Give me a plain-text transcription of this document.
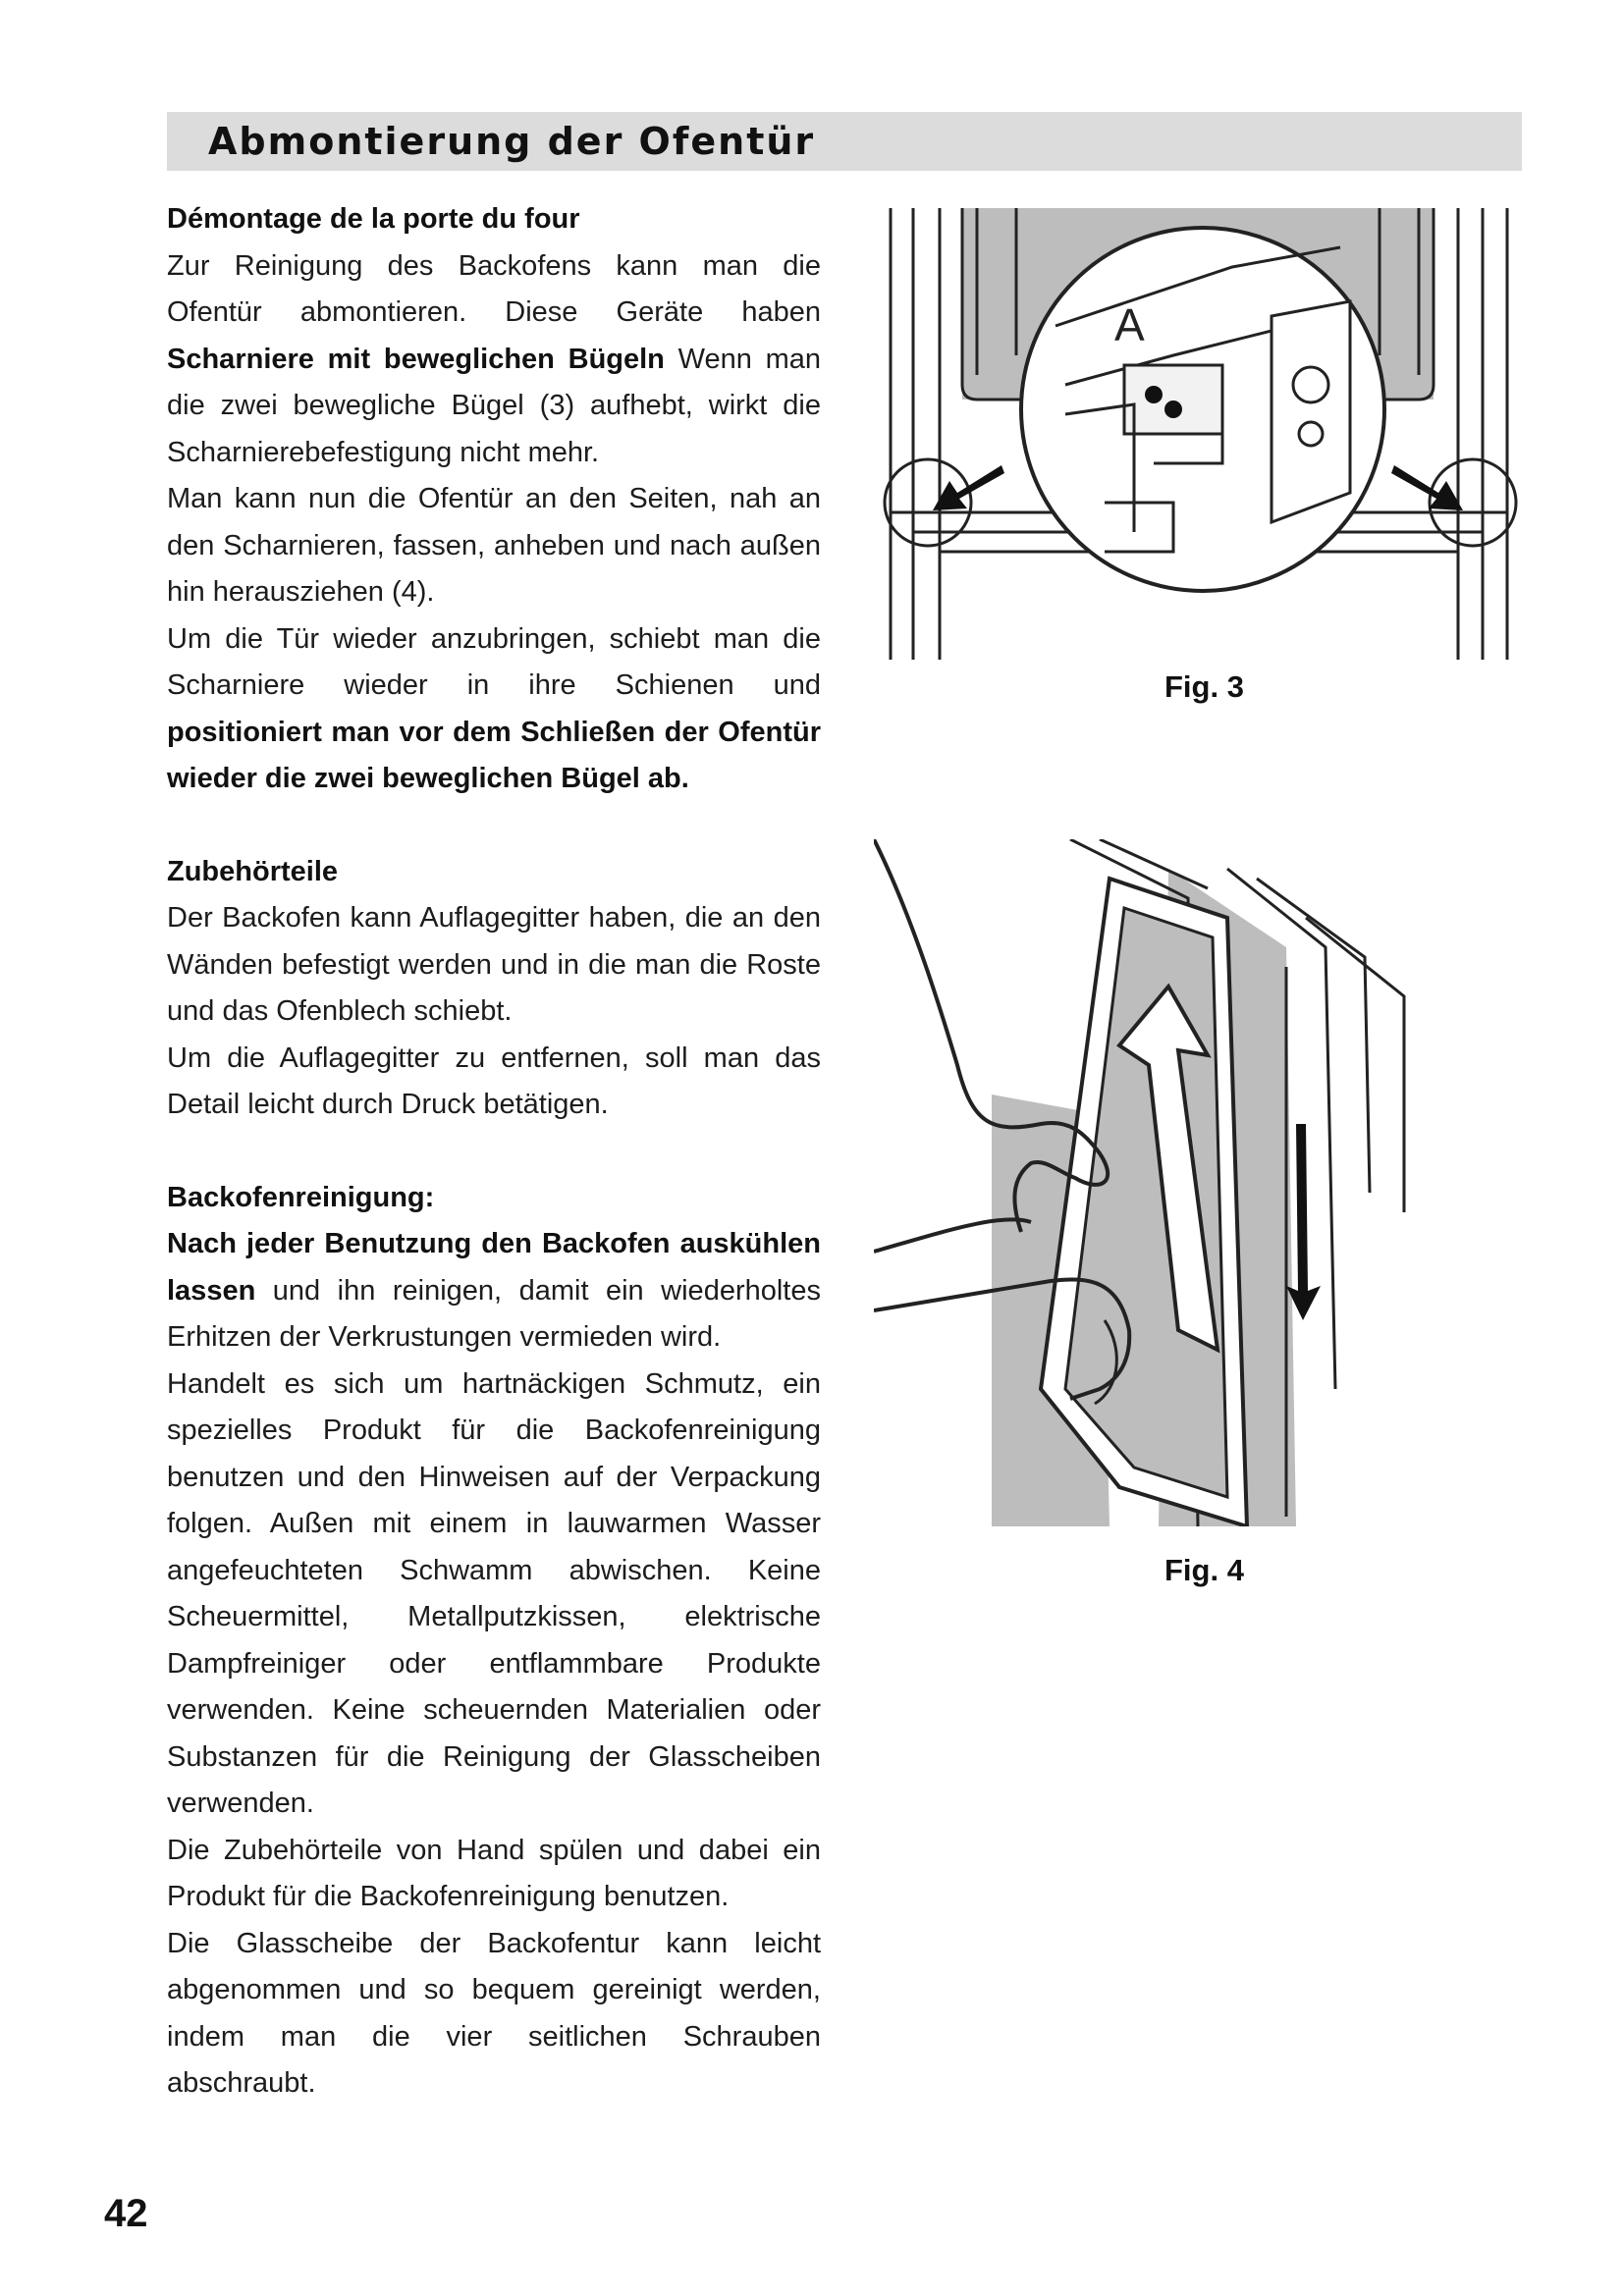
Abmontierung der Ofentür

Démontage de la porte du four

Zur Reinigung des Backofens kann man die Ofentür abmontieren. Diese Geräte haben Scharniere mit beweglichen Bügeln Wenn man die zwei bewegliche Bügel (3) aufhebt, wirkt die Scharnierebefestigung nicht mehr.

Man kann nun die Ofentür an den Seiten, nah an den Scharnieren, fassen, anheben und nach außen hin herausziehen (4).

Um die Tür wieder anzubringen, schiebt man die Scharniere wieder in ihre Schienen und positioniert man vor dem Schließen der Ofentür wieder die zwei beweglichen Bügel ab.

Zubehörteile

Der Backofen kann Auflagegitter haben, die an den Wänden befestigt werden und in die man die Roste und das Ofenblech schiebt.

Um die Auflagegitter zu entfernen, soll man das Detail leicht durch Druck betätigen.

Backofenreinigung:

Nach jeder Benutzung den Backofen auskühlen lassen und ihn reinigen, damit ein wiederholtes Erhitzen der Verkrustungen vermieden wird.

Handelt es sich um hartnäckigen Schmutz, ein spezielles Produkt für die Backofenreinigung benutzen und den Hinweisen auf der Verpackung folgen. Außen mit einem in lauwarmen Wasser angefeuchteten Schwamm abwischen. Keine Scheuermittel, Metallputzkissen, elektrische Dampfreiniger oder entflammbare Produkte verwenden. Keine scheuernden Materialien oder Substanzen für die Reinigung der Glasscheiben verwenden.

Die Zubehörteile von Hand spülen und dabei ein Produkt für die Backofenreinigung benutzen.

Die Glasscheibe der Backofentur kann leicht abgenommen und so bequem gereinigt werden, indem man die vier seitlichen Schrauben abschraubt.

A
Fig. 3
Fig. 4
42
